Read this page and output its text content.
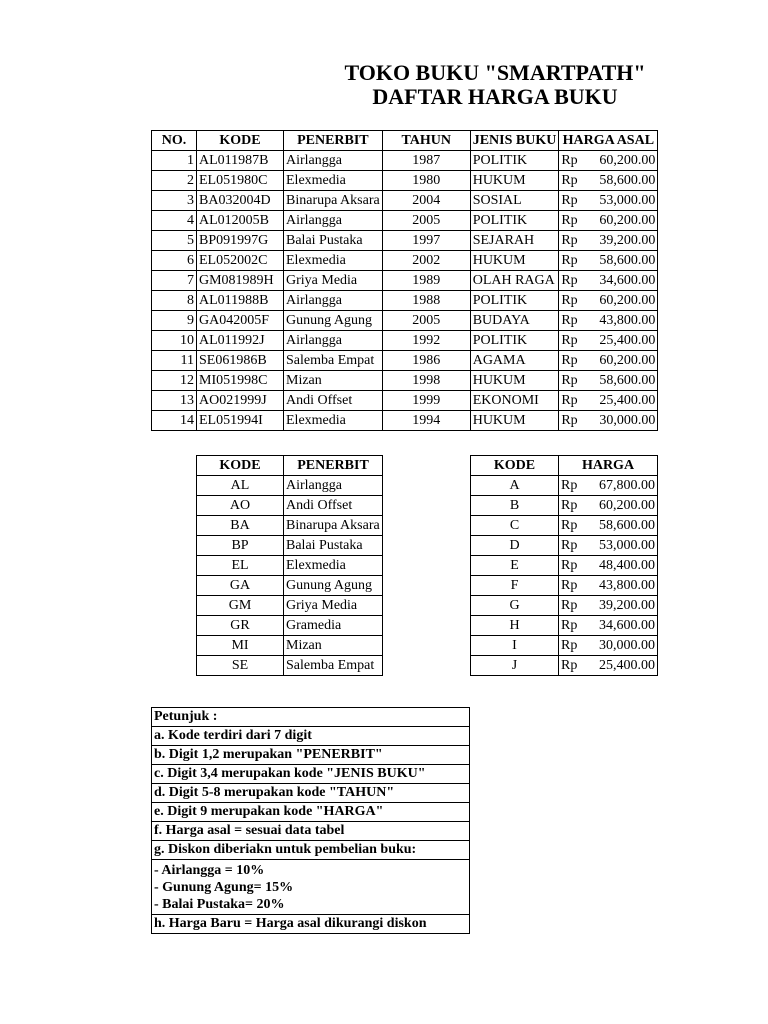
TOKO BUKU "SMARTPATH"
DAFTAR HARGA BUKU
NO.	KODE	PENERBIT	TAHUN	JENIS BUKU	HARGA ASAL
1	AL011987B	Airlangga	1987	POLITIK	Rp 60,200.00

2	EL051980C	Elexmedia	1980	HUKUM	Rp 58,600.00

3	BA032004D	Binarupa Aksara	2004	SOSIAL	Rp 53,000.00

4	AL012005B	Airlangga	2005	POLITIK	Rp 60,200.00

5	BP091997G	Balai Pustaka	1997	SEJARAH	Rp 39,200.00

6	EL052002C	Elexmedia	2002	HUKUM	Rp 58,600.00

7	GM081989H	Griya Media	1989	OLAH RAGA	Rp 34,600.00

8	AL011988B	Airlangga	1988	POLITIK	Rp 60,200.00

9	GA042005F	Gunung Agung	2005	BUDAYA	Rp 43,800.00

10	AL011992J	Airlangga	1992	POLITIK	Rp 25,400.00

11	SE061986B	Salemba Empat	1986	AGAMA	Rp 60,200.00

12	MI051998C	Mizan	1998	HUKUM	Rp 58,600.00

13	AO021999J	Andi Offset	1999	EKONOMI	Rp 25,400.00

14	EL051994I	Elexmedia	1994	HUKUM	Rp 30,000.00
KODE	PENERBIT
AL	Airlangga
AO	Andi Offset
BA	Binarupa Aksara
BP	Balai Pustaka
EL	Elexmedia
GA	Gunung Agung
GM	Griya Media
GR	Gramedia
MI	Mizan
SE	Salemba Empat
KODE	HARGA
A	Rp 67,800.00

B	Rp 60,200.00

C	Rp 58,600.00

D	Rp 53,000.00

E	Rp 48,400.00

F	Rp 43,800.00

G	Rp 39,200.00

H	Rp 34,600.00

I	Rp 30,000.00

J	Rp 25,400.00
Petunjuk :
a. Kode terdiri dari 7 digit
b. Digit 1,2 merupakan "PENERBIT"
c. Digit 3,4 merupakan kode "JENIS BUKU"
d. Digit 5-8 merupakan kode "TAHUN"
e. Digit 9 merupakan kode "HARGA"
f. Harga asal = sesuai data tabel
g. Diskon diberiakn untuk pembelian buku:

- Airlangga = 10%
- Gunung Agung= 15%
- Balai Pustaka= 20%

h. Harga Baru = Harga asal dikurangi diskon
